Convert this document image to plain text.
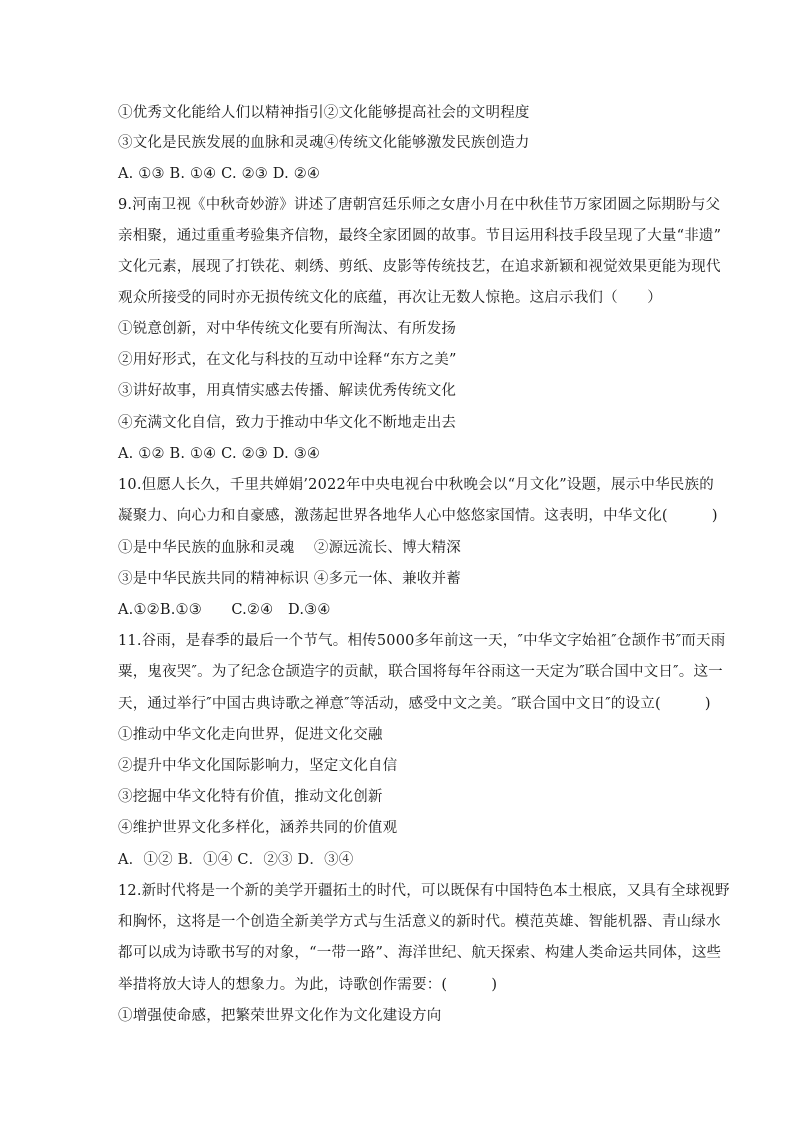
①优秀文化能给人们以精神指引②文化能够提高社会的文明程度
③文化是民族发展的血脉和灵魂④传统文化能够激发民族创造力
A. ①③ B. ①④ C. ②③ D. ②④
9.河南卫视《中秋奇妙游》讲述了唐朝宫廷乐师之女唐小月在中秋佳节万家团圆之际期盼与父
亲相聚，通过重重考验集齐信物，最终全家团圆的故事。节目运用科技手段呈现了大量“非遗”
文化元素，展现了打铁花、刺绣、剪纸、皮影等传统技艺，在追求新颖和视觉效果更能为现代
观众所接受的同时亦无损传统文化的底蕴，再次让无数人惊艳。这启示我们（　　）
①锐意创新，对中华传统文化要有所淘汰、有所发扬
②用好形式，在文化与科技的互动中诠释“东方之美”
③讲好故事，用真情实感去传播、解读优秀传统文化
④充满文化自信，致力于推动中华文化不断地走出去
A. ①② B. ①④ C. ②③ D. ③④
10.但愿人长久，千里共婵娟’2022年中央电视台中秋晚会以“月文化”设题，展示中华民族的
凝聚力、向心力和自豪感，激荡起世界各地华人心中悠悠家国情。这表明，中华文化(　　　)
①是中华民族的血脉和灵魂　 ②源远流长、博大精深
③是中华民族共同的精神标识 ④多元一体、兼收并蓄
A.①②B.①③　　C.②④　D.③④
11.谷雨，是春季的最后一个节气。相传5000多年前这一天，″中华文字始祖″仓颉作书″而天雨
粟，鬼夜哭″。为了纪念仓颉造字的贡献，联合国将每年谷雨这一天定为″联合国中文日″。这一
天，通过举行″中国古典诗歌之禅意″等活动，感受中文之美。″联合国中文日″的设立(　　　)
①推动中华文化走向世界，促进文化交融
②提升中华文化国际影响力，坚定文化自信
③挖掘中华文化特有价值，推动文化创新
④维护世界文化多样化，涵养共同的价值观
A．①② B．①④ C．②③ D．③④
12.新时代将是一个新的美学开疆拓土的时代，可以既保有中国特色本土根底，又具有全球视野
和胸怀，这将是一个创造全新美学方式与生活意义的新时代。模范英雄、智能机器、青山绿水
都可以成为诗歌书写的对象，“一带一路”、海洋世纪、航天探索、构建人类命运共同体，这些
举措将放大诗人的想象力。为此，诗歌创作需要：(　　　)
①增强使命感，把繁荣世界文化作为文化建设方向
